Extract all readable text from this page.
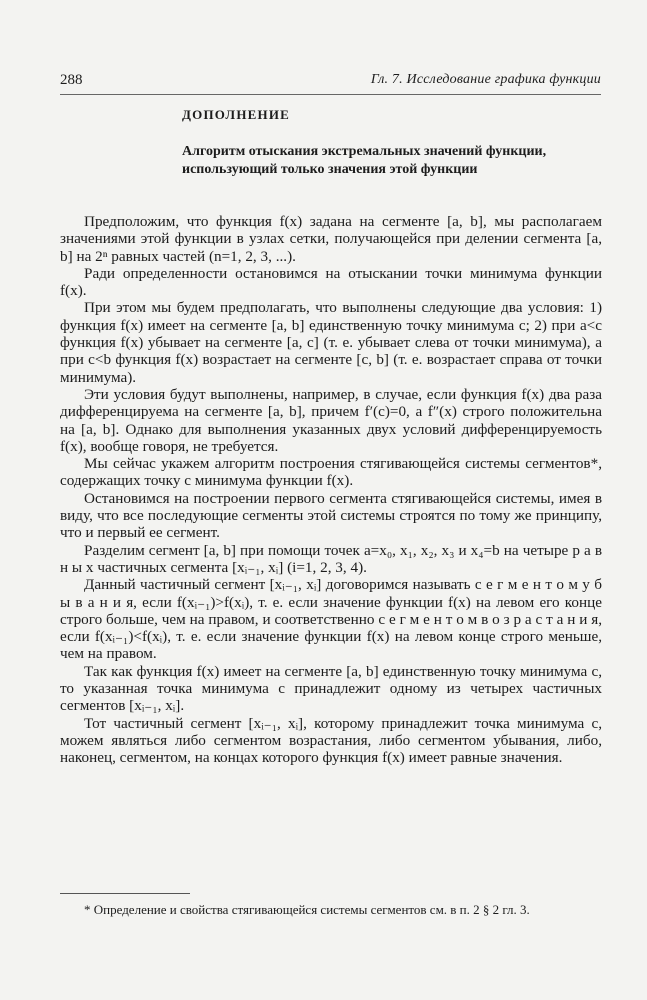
288	Гл. 7. Исследование графика функции
ДОПОЛНЕНИЕ
Алгоритм отыскания экстремальных значений функции, использующий только значения этой функции

Предположим, что функция f(x) задана на сегменте [a, b], мы располагаем значениями этой функции в узлах сетки, получающейся при делении сегмента [a, b] на 2ⁿ равных частей (n=1, 2, 3, ...).

Ради определенности остановимся на отыскании точки минимума функции f(x).

При этом мы будем предполагать, что выполнены следующие два условия: 1) функция f(x) имеет на сегменте [a, b] единственную точку минимума c; 2) при a<c функция f(x) убывает на сегменте [a, c] (т. е. убывает слева от точки минимума), а при c<b функция f(x) возрастает на сегменте [c, b] (т. е. возрастает справа от точки минимума).

Эти условия будут выполнены, например, в случае, если функция f(x) два раза дифференцируема на сегменте [a, b], причем f′(c)=0, а f″(x) строго положительна на [a, b]. Однако для выполнения указанных двух условий дифференцируемость f(x), вообще говоря, не требуется.

Мы сейчас укажем алгоритм построения стягивающейся системы сегментов*, содержащих точку c минимума функции f(x).

Остановимся на построении первого сегмента стягивающейся системы, имея в виду, что все последующие сегменты этой системы строятся по тому же принципу, что и первый ее сегмент.

Разделим сегмент [a, b] при помощи точек a=x₀, x₁, x₂, x₃ и x₄=b на четыре р а в н ы х частичных сегмента [xᵢ₋₁, xᵢ] (i=1, 2, 3, 4).

Данный частичный сегмент [xᵢ₋₁, xᵢ] договоримся называть с е г м е н т о м у б ы в а н и я, если f(xᵢ₋₁)>f(xᵢ), т. е. если значение функции f(x) на левом его конце строго больше, чем на правом, и соответственно с е г м е н т о м в о з р а с т а н и я, если f(xᵢ₋₁)<f(xᵢ), т. е. если значение функции f(x) на левом конце строго меньше, чем на правом.

Так как функция f(x) имеет на сегменте [a, b] единственную точку минимума c, то указанная точка минимума c принадлежит одному из четырех частичных сегментов [xᵢ₋₁, xᵢ].

Тот частичный сегмент [xᵢ₋₁, xᵢ], которому принадлежит точка минимума c, можем являться либо сегментом возрастания, либо сегментом убывания, либо, наконец, сегментом, на концах которого функция f(x) имеет равные значения.

* Определение и свойства стягивающейся системы сегментов см. в п. 2 § 2 гл. 3.
